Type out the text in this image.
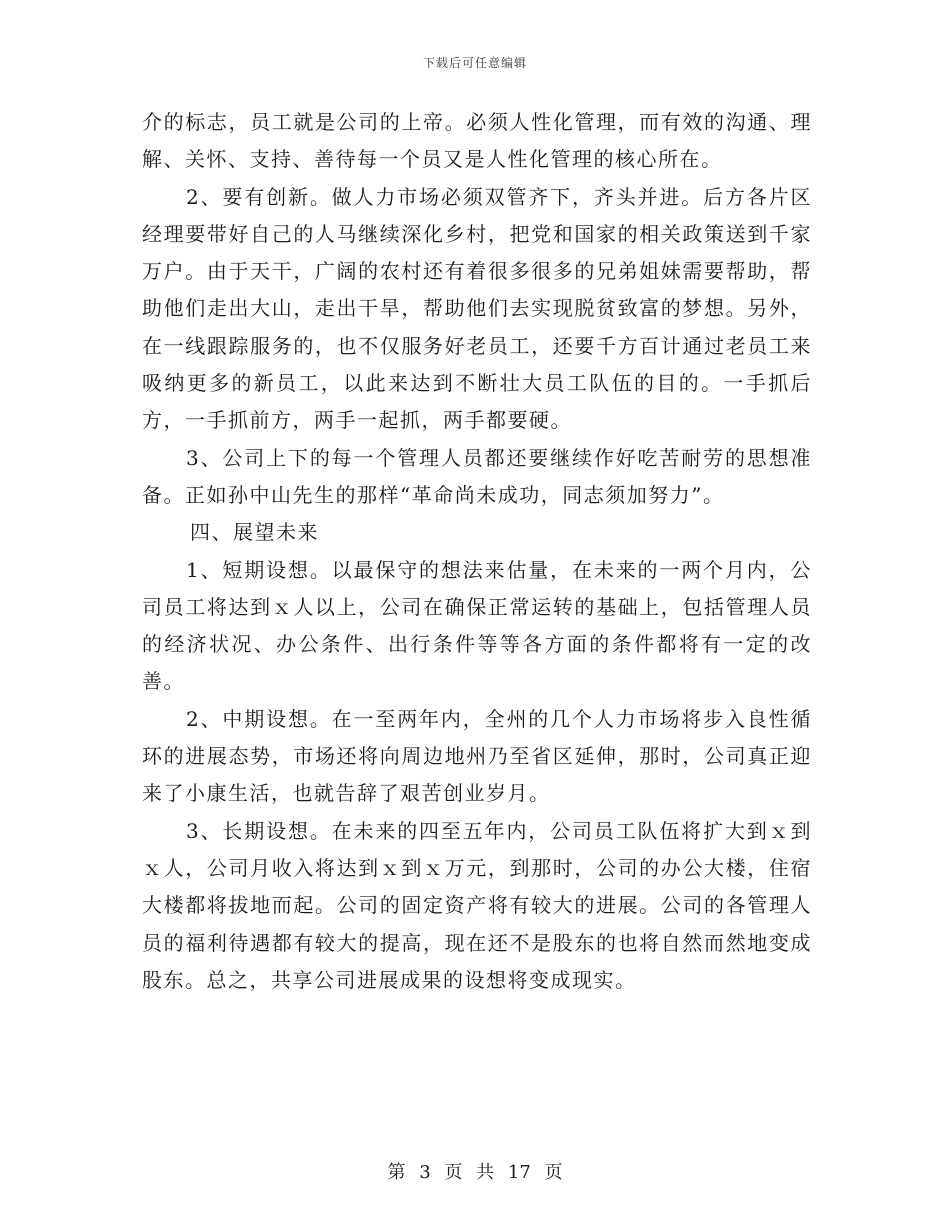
下载后可任意编辑

介的标志，员工就是公司的上帝。必须人性化管理，而有效的沟通、理解、关怀、支持、善待每一个员又是人性化管理的核心所在。

2、要有创新。做人力市场必须双管齐下，齐头并进。后方各片区经理要带好自己的人马继续深化乡村，把党和国家的相关政策送到千家万户。由于天干，广阔的农村还有着很多很多的兄弟姐妹需要帮助，帮助他们走出大山，走出干旱，帮助他们去实现脱贫致富的梦想。另外，在一线跟踪服务的，也不仅服务好老员工，还要千方百计通过老员工来吸纳更多的新员工，以此来达到不断壮大员工队伍的目的。一手抓后方，一手抓前方，两手一起抓，两手都要硬。

3、公司上下的每一个管理人员都还要继续作好吃苦耐劳的思想准备。正如孙中山先生的那样“革命尚未成功，同志须加努力”。

四、展望未来

1、短期设想。以最保守的想法来估量，在未来的一两个月内，公司员工将达到ｘ人以上，公司在确保正常运转的基础上，包括管理人员的经济状况、办公条件、出行条件等等各方面的条件都将有一定的改善。

2、中期设想。在一至两年内，全州的几个人力市场将步入良性循环的进展态势，市场还将向周边地州乃至省区延伸，那时，公司真正迎来了小康生活，也就告辞了艰苦创业岁月。

3、长期设想。在未来的四至五年内，公司员工队伍将扩大到ｘ到ｘ人，公司月收入将达到ｘ到ｘ万元，到那时，公司的办公大楼，住宿大楼都将拔地而起。公司的固定资产将有较大的进展。公司的各管理人员的福利待遇都有较大的提高，现在还不是股东的也将自然而然地变成股东。总之，共享公司进展成果的设想将变成现实。

第 3 页 共 17 页
